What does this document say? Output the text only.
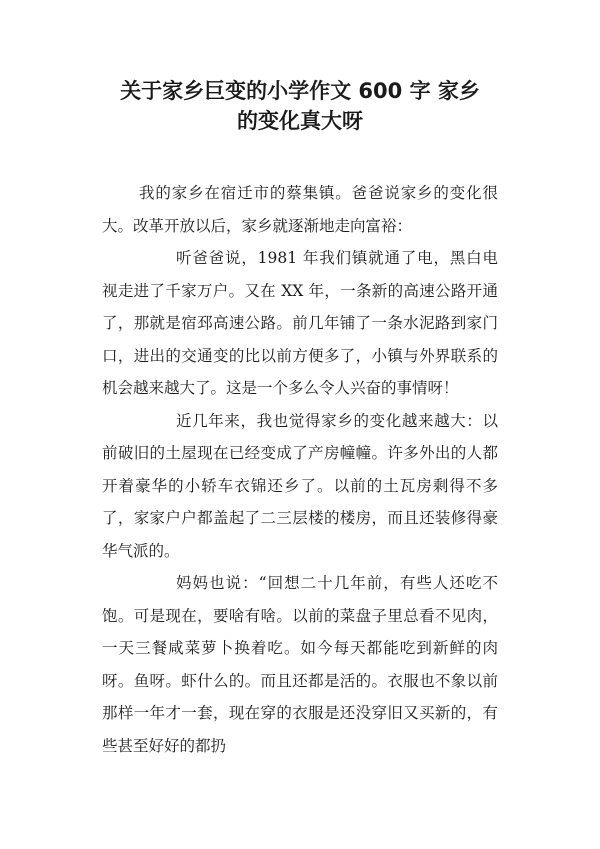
关于家乡巨变的小学作文 600 字 家乡
的变化真大呀

我的家乡在宿迁市的蔡集镇。爸爸说家乡的变化很大。改革开放以后，家乡就逐渐地走向富裕：

听爸爸说，1981 年我们镇就通了电，黑白电视走进了千家万户。又在 XX 年，一条新的高速公路开通了，那就是宿邳高速公路。前几年铺了一条水泥路到家门口，进出的交通变的比以前方便多了，小镇与外界联系的机会越来越大了。这是一个多么令人兴奋的事情呀！

近几年来，我也觉得家乡的变化越来越大：以前破旧的土屋现在已经变成了产房幢幢。许多外出的人都开着豪华的小轿车衣锦还乡了。以前的土瓦房剩得不多了，家家户户都盖起了二三层楼的楼房，而且还装修得豪华气派的。

妈妈也说：“回想二十几年前，有些人还吃不饱。可是现在，要啥有啥。以前的菜盘子里总看不见肉，一天三餐咸菜萝卜换着吃。如今每天都能吃到新鲜的肉呀。鱼呀。虾什么的。而且还都是活的。衣服也不象以前那样一年才一套，现在穿的衣服是还没穿旧又买新的，有些甚至好好的都扔
